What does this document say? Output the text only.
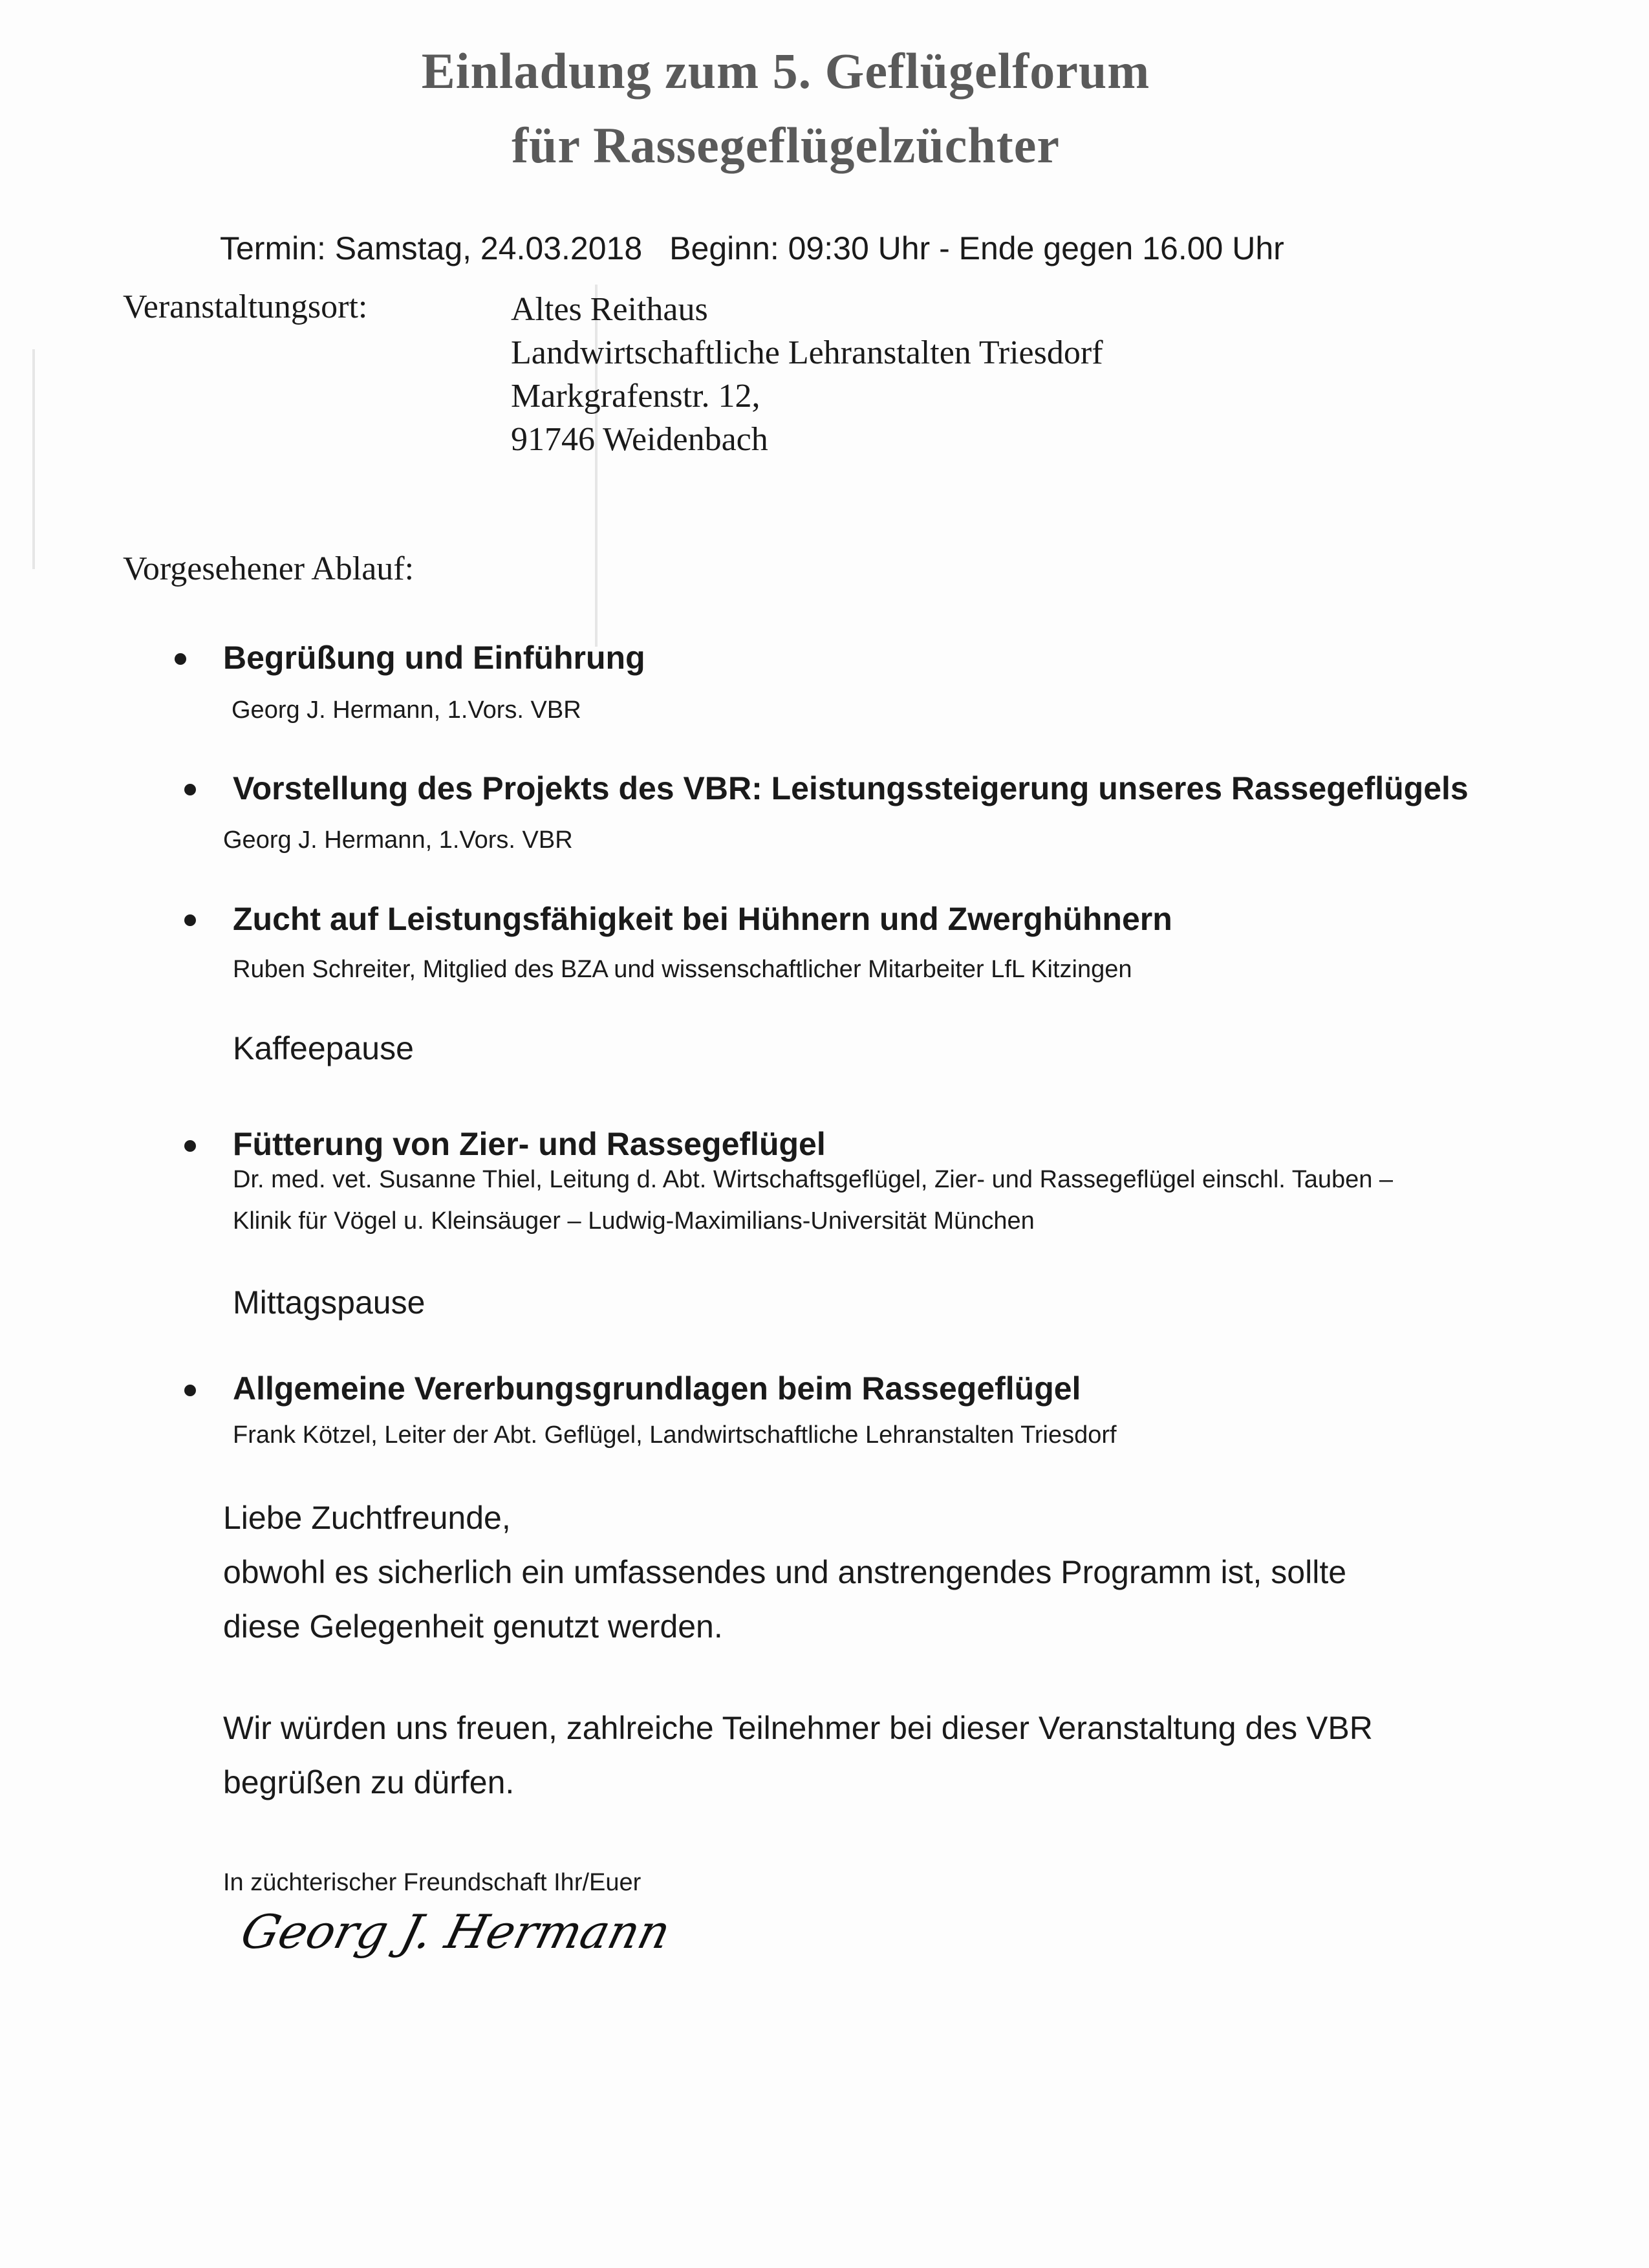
Einladung zum 5. Geflügelforum
für Rassegeflügelzüchter
Termin: Samstag, 24.03.2018 Beginn: 09:30 Uhr - Ende gegen 16.00 Uhr
Veranstaltungsort:	Altes Reithaus
Landwirtschaftliche Lehranstalten Triesdorf
Markgrafenstr. 12,
91746 Weidenbach
Vorgesehener Ablauf:
Begrüßung und Einführung
Georg J. Hermann, 1.Vors. VBR
Vorstellung des Projekts des VBR: Leistungssteigerung unseres Rassegeflügels
Georg J. Hermann, 1.Vors. VBR
Zucht auf Leistungsfähigkeit bei Hühnern und Zwerghühnern
Ruben Schreiter, Mitglied des BZA und wissenschaftlicher Mitarbeiter LfL Kitzingen
Kaffeepause
Fütterung von Zier- und Rassegeflügel
Dr. med. vet. Susanne Thiel, Leitung d. Abt. Wirtschaftsgeflügel, Zier- und Rassegeflügel einschl. Tauben –
Klinik für Vögel u. Kleinsäuger – Ludwig-Maximilians-Universität München
Mittagspause
Allgemeine Vererbungsgrundlagen beim Rassegeflügel
Frank Kötzel, Leiter der Abt. Geflügel, Landwirtschaftliche Lehranstalten Triesdorf
Liebe Zuchtfreunde,
obwohl es sicherlich ein umfassendes und anstrengendes Programm ist, sollte
diese Gelegenheit genutzt werden.
Wir würden uns freuen, zahlreiche Teilnehmer bei dieser Veranstaltung des VBR
begrüßen zu dürfen.
In züchterischer Freundschaft Ihr/Euer
Georg J. Hermann
